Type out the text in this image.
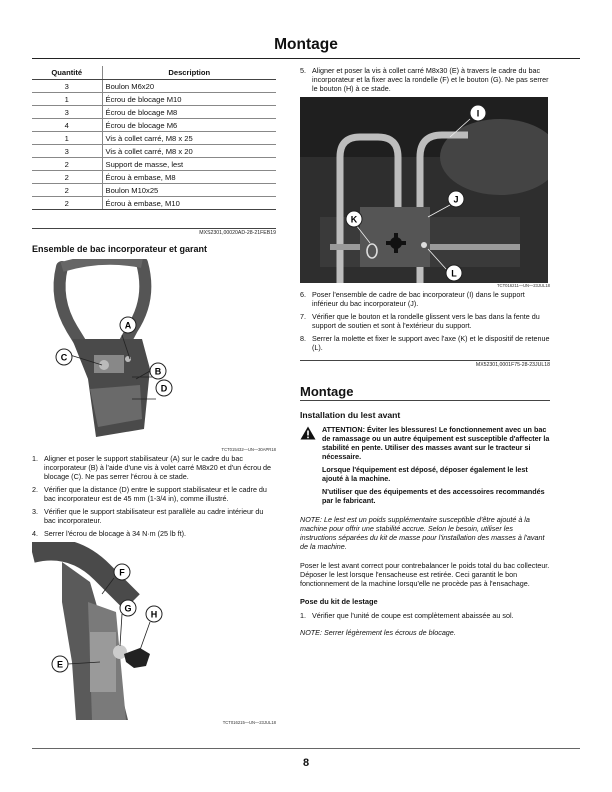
Montage
Quantité	Description
3	Boulon M6x20
1	Écrou de blocage M10
3	Écrou de blocage M8
4	Écrou de blocage M6
1	Vis à collet carré, M8 x 25
3	Vis à collet carré, M8 x 20
2	Support de masse, lest
2	Écrou à embase, M8
2	Boulon M10x25
2	Écrou à embase, M10
MXS2301,00020AD-28-21FEB19
Ensemble de bac incorporateur et garant
A
C
B
D
TCT015432—UN—30APR18
1. Aligner et poser le support stabilisateur (A) sur le cadre du bac incorporateur (B) à l'aide d'une vis à volet carré M8x20 et d'un écrou de blocage (C). Ne pas serrer l'écrou à ce stade.
2. Vérifier que la distance (D) entre le support stabilisateur et le cadre du bac incorporateur est de 45 mm (1-3/4 in), comme illustré.
3. Vérifier que le support stabilisateur est parallèle au cadre intérieur du bac incorporateur.
4. Serrer l'écrou de blocage à 34 N·m (25 lb ft).
F
G
H
E
TCT016215—UN—23JUL18
5. Aligner et poser la vis à collet carré M8x30 (E) à travers le cadre du bac incorporateur et la fixer avec la rondelle (F) et le bouton (G). Ne pas serrer le bouton (H) à ce stade.
I
J
K
L
TCT016211—UN—23JUL18
6. Poser l'ensemble de cadre de bac incorporateur (I) dans le support inférieur du bac incorporateur (J).
7. Vérifier que le bouton et la rondelle glissent vers le bas dans la fente du support de soutien et sont à l'extérieur du support.
8. Serrer la molette et fixer le support avec l'axe (K) et le dispositif de retenue (L).
MX52301,0001F75-28-23JUL18
Montage
Installation du lest avant

ATTENTION: Éviter les blessures! Le fonctionnement avec un bac de ramassage ou un autre équipement est susceptible d'affecter la stabilité en pente. Utiliser des masses avant sur le tracteur si nécessaire.

Lorsque l'équipement est déposé, déposer également le lest ajouté à la machine.

N'utiliser que des équipements et des accessoires recommandés par le fabricant.

NOTE: Le lest est un poids supplémentaire susceptible d'être ajouté à la machine pour offrir une stabilité accrue. Selon le besoin, utiliser les instructions séparées du kit de masse pour l'installation des masses à l'avant de la machine.

Poser le lest avant correct pour contrebalancer le poids total du bac collecteur. Déposer le lest lorsque l'ensacheuse est retirée. Ceci garantit le bon fonctionnement de la machine lorsqu'elle ne procède pas à l'ensachage.

Pose du kit de lestage
1. Vérifier que l'unité de coupe est complètement abaissée au sol.

NOTE: Serrer légèrement les écrous de blocage.

8
